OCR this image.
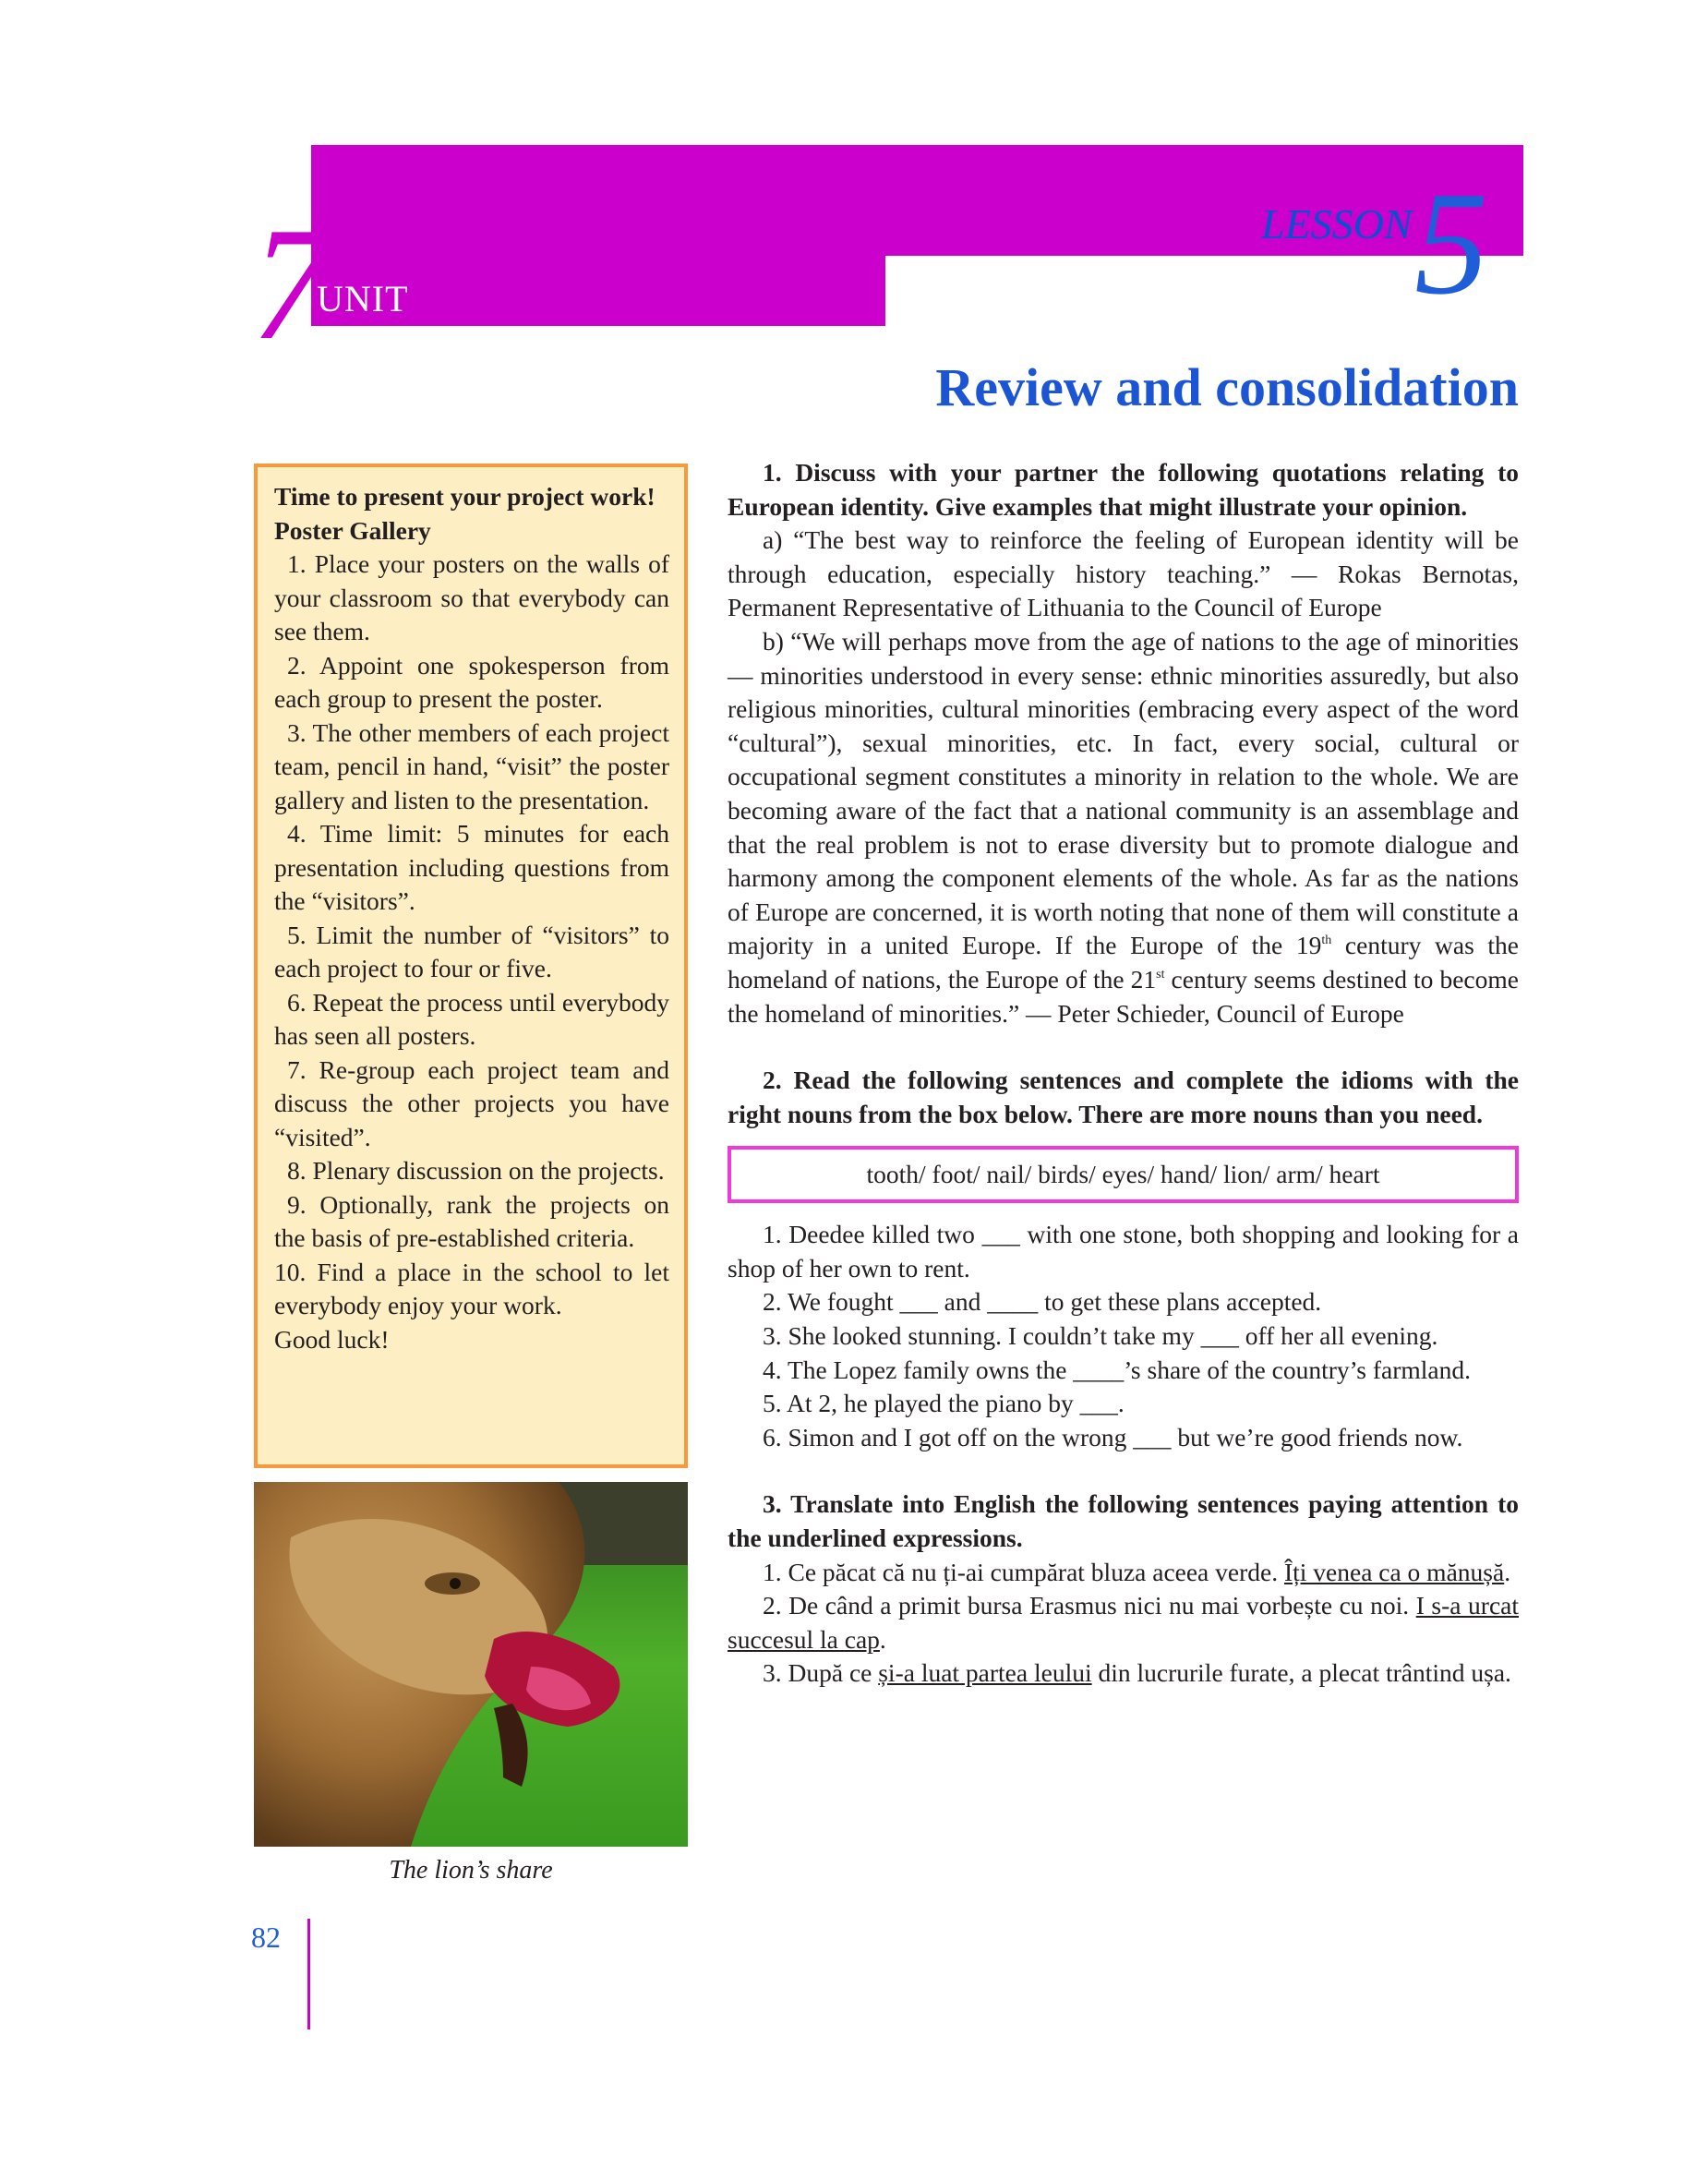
7
UNIT
LESSON 5
Review and consolidation

Time to present your project work!

Poster Gallery

1. Place your posters on the walls of your classroom so that everybody can see them.

2. Appoint one spokesperson from each group to present the poster.

3. The other members of each project team, pencil in hand, “visit” the poster gallery and listen to the presentation.

4. Time limit: 5 minutes for each presentation including questions from the “visitors”.

5. Limit the number of “visitors” to each project to four or five.

6. Repeat the process until everybody has seen all posters.

7. Re-group each project team and discuss the other projects you have “visited”.

8. Plenary discussion on the projects.

9. Optionally, rank the projects on the basis of pre-established criteria.

10. Find a place in the school to let everybody enjoy your work.

Good luck!

The lion’s share
82

1. Discuss with your partner the following quotations relating to European identity. Give examples that might illustrate your opinion.

a) “The best way to reinforce the feeling of European identity will be through education, especially history teaching.” — Rokas Bernotas, Permanent Representative of Lithuania to the Council of Europe

b) “We will perhaps move from the age of nations to the age of minorities — minorities understood in every sense: ethnic minorities assuredly, but also religious minorities, cultural minorities (embracing every aspect of the word “cultural”), sexual minorities, etc. In fact, every social, cultural or occupational segment constitutes a minority in relation to the whole. We are becoming aware of the fact that a national community is an assemblage and that the real problem is not to erase diversity but to promote dialogue and harmony among the component elements of the whole. As far as the nations of Europe are concerned, it is worth noting that none of them will constitute a majority in a united Europe. If the Europe of the 19th century was the homeland of nations, the Europe of the 21st century seems destined to become the homeland of minorities.” — Peter Schieder, Council of Europe

2. Read the following sentences and complete the idioms with the right nouns from the box below. There are more nouns than you need.

tooth/ foot/ nail/ birds/ eyes/ hand/ lion/ arm/ heart

1. Deedee killed two ___ with one stone, both shopping and looking for a shop of her own to rent.

2. We fought ___ and ____ to get these plans accepted.

3. She looked stunning. I couldn’t take my ___ off her all evening.

4. The Lopez family owns the ____’s share of the country’s farmland.

5. At 2, he played the piano by ___.

6. Simon and I got off on the wrong ___ but we’re good friends now.

3. Translate into English the following sentences paying attention to the underlined expressions.

1. Ce păcat că nu ți-ai cumpărat bluza aceea verde. Îți venea ca o mănușă.

2. De când a primit bursa Erasmus nici nu mai vorbește cu noi. I s-a urcat succesul la cap.

3. După ce și-a luat partea leului din lucrurile furate, a plecat trântind ușa.
